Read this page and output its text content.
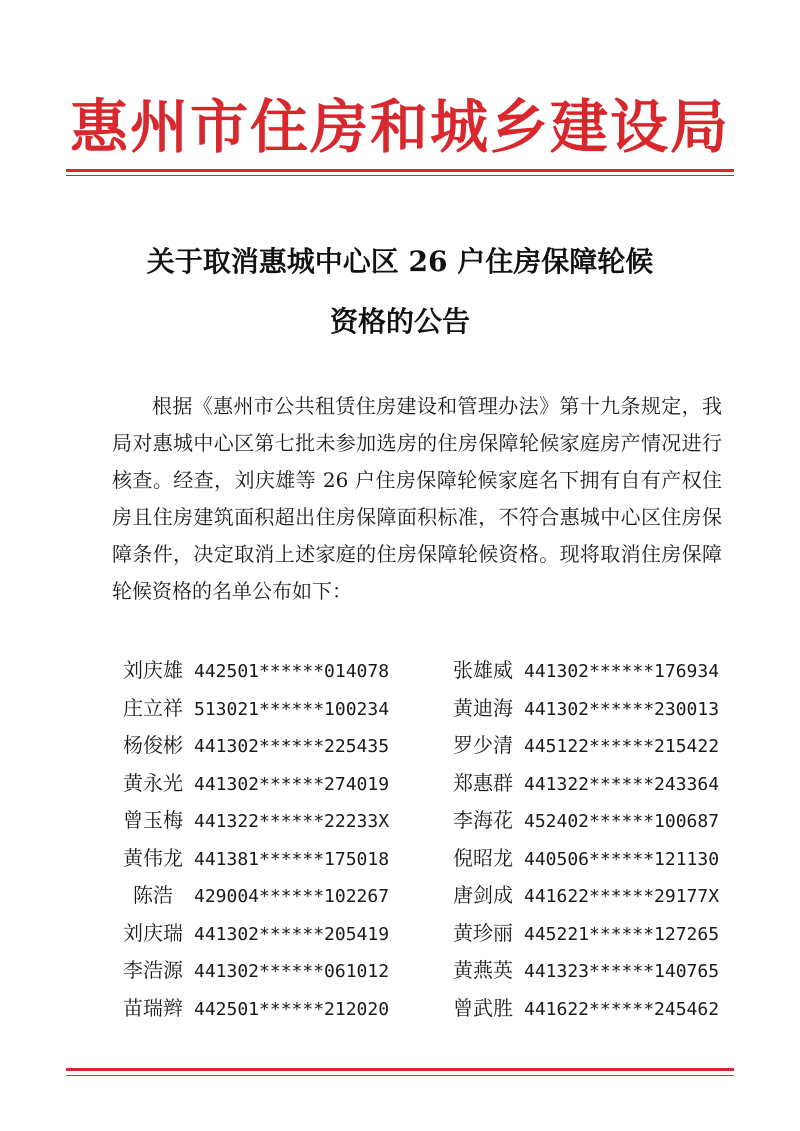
惠州市住房和城乡建设局
关于取消惠城中心区 26 户住房保障轮候
资格的公告

根据《惠州市公共租赁住房建设和管理办法》第十九条规定，我局对惠城中心区第七批未参加选房的住房保障轮候家庭房产情况进行核查。经查，刘庆雄等 26 户住房保障轮候家庭名下拥有自有产权住房且住房建筑面积超出住房保障面积标准，不符合惠城中心区住房保障条件，决定取消上述家庭的住房保障轮候资格。现将取消住房保障轮候资格的名单公布如下：

刘庆雄 442501******014078
庄立祥 513021******100234
杨俊彬 441302******225435
黄永光 441302******274019
曾玉梅 441322******22233X
黄伟龙 441381******175018
陈浩 429004******102267
刘庆瑞 441302******205419
李浩源 441302******061012
苗瑞辫 442501******212020
张雄威 441302******176934
黄迪海 441302******230013
罗少清 445122******215422
郑惠群 441322******243364
李海花 452402******100687
倪昭龙 440506******121130
唐剑成 441622******29177X
黄珍丽 445221******127265
黄燕英 441323******140765
曾武胜 441622******245462
